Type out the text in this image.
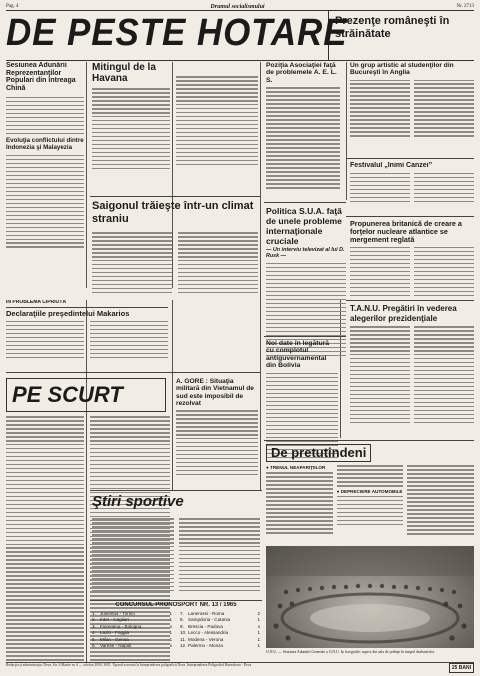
Pag. 4	Drumul socialismului	Nr. 2713
DE PESTE HOTARE
Prezenţe româneşti în străinătate
Sesiunea Adunării Reprezentanţilor Populari din întreaga Chină
Evoluţia conflictului dintre Indonezia şi Malayezia
ÎN PROBLEMA CIPRIOTĂ
Declaraţiile preşedintelui Makarios
PE SCURT
Mitingul de la Havana
Saigonul trăieşte într-un climat straniu
A. GORE : Situaţia militară din Vietnamul de sud este imposibil de rezolvat
Poziţia Asociaţiei faţă de problemele A. E. L. S.
Politica S.U.A. faţă de unele probleme internaţionale cruciale
— Un interviu televizat al lui D. Rusk —
Noi date în legătură cu complotul antiguvernamental din Bolivia
Un grup artistic al studenţilor din Bucureşti în Anglia
Festivalul „Inimi Canzei”
Propunerea britanică de creare a forţelor nucleare atlantice se mergement reglată
T.A.N.U. Pregătiri în vederea alegerilor prezidenţiale
De pretutindeni
● TRENUL NEAPARIŢIILOR
● DEPRECIERE AUTOMOBILE
Ştiri sportive
CONCURSUL PRONOSPORT NR. 13 / 1965
1. Juventus - Torino	1
2. Inter - Cagliari	1
3. Fiorentina - Bologna	x
4. Lazio - Foggia	1
5. Milan - Genoa	1
6. Varese - Napoli	x
7. Lanerossi - Roma	2
8. Sampdoria - Catania	1
9. Brescia - Padova	x
10. Lecco - Alessandria	1
11. Modena - Verona	1
12. Palermo - Monza	1
O.N.U. — Sesiunea Adunării Generale a O.N.U. În fotografie: aspect din sala de şedinţe în timpul dezbaterilor.
Redacţia şi administraţia: Deva, Str. 6 Martie nr. 6 — telefon 3000, 3001. Tiparul executat la întreprinderea poligrafică Deva. Întreprinderea Poligrafică Hunedoara - Deva.	25 BANI
